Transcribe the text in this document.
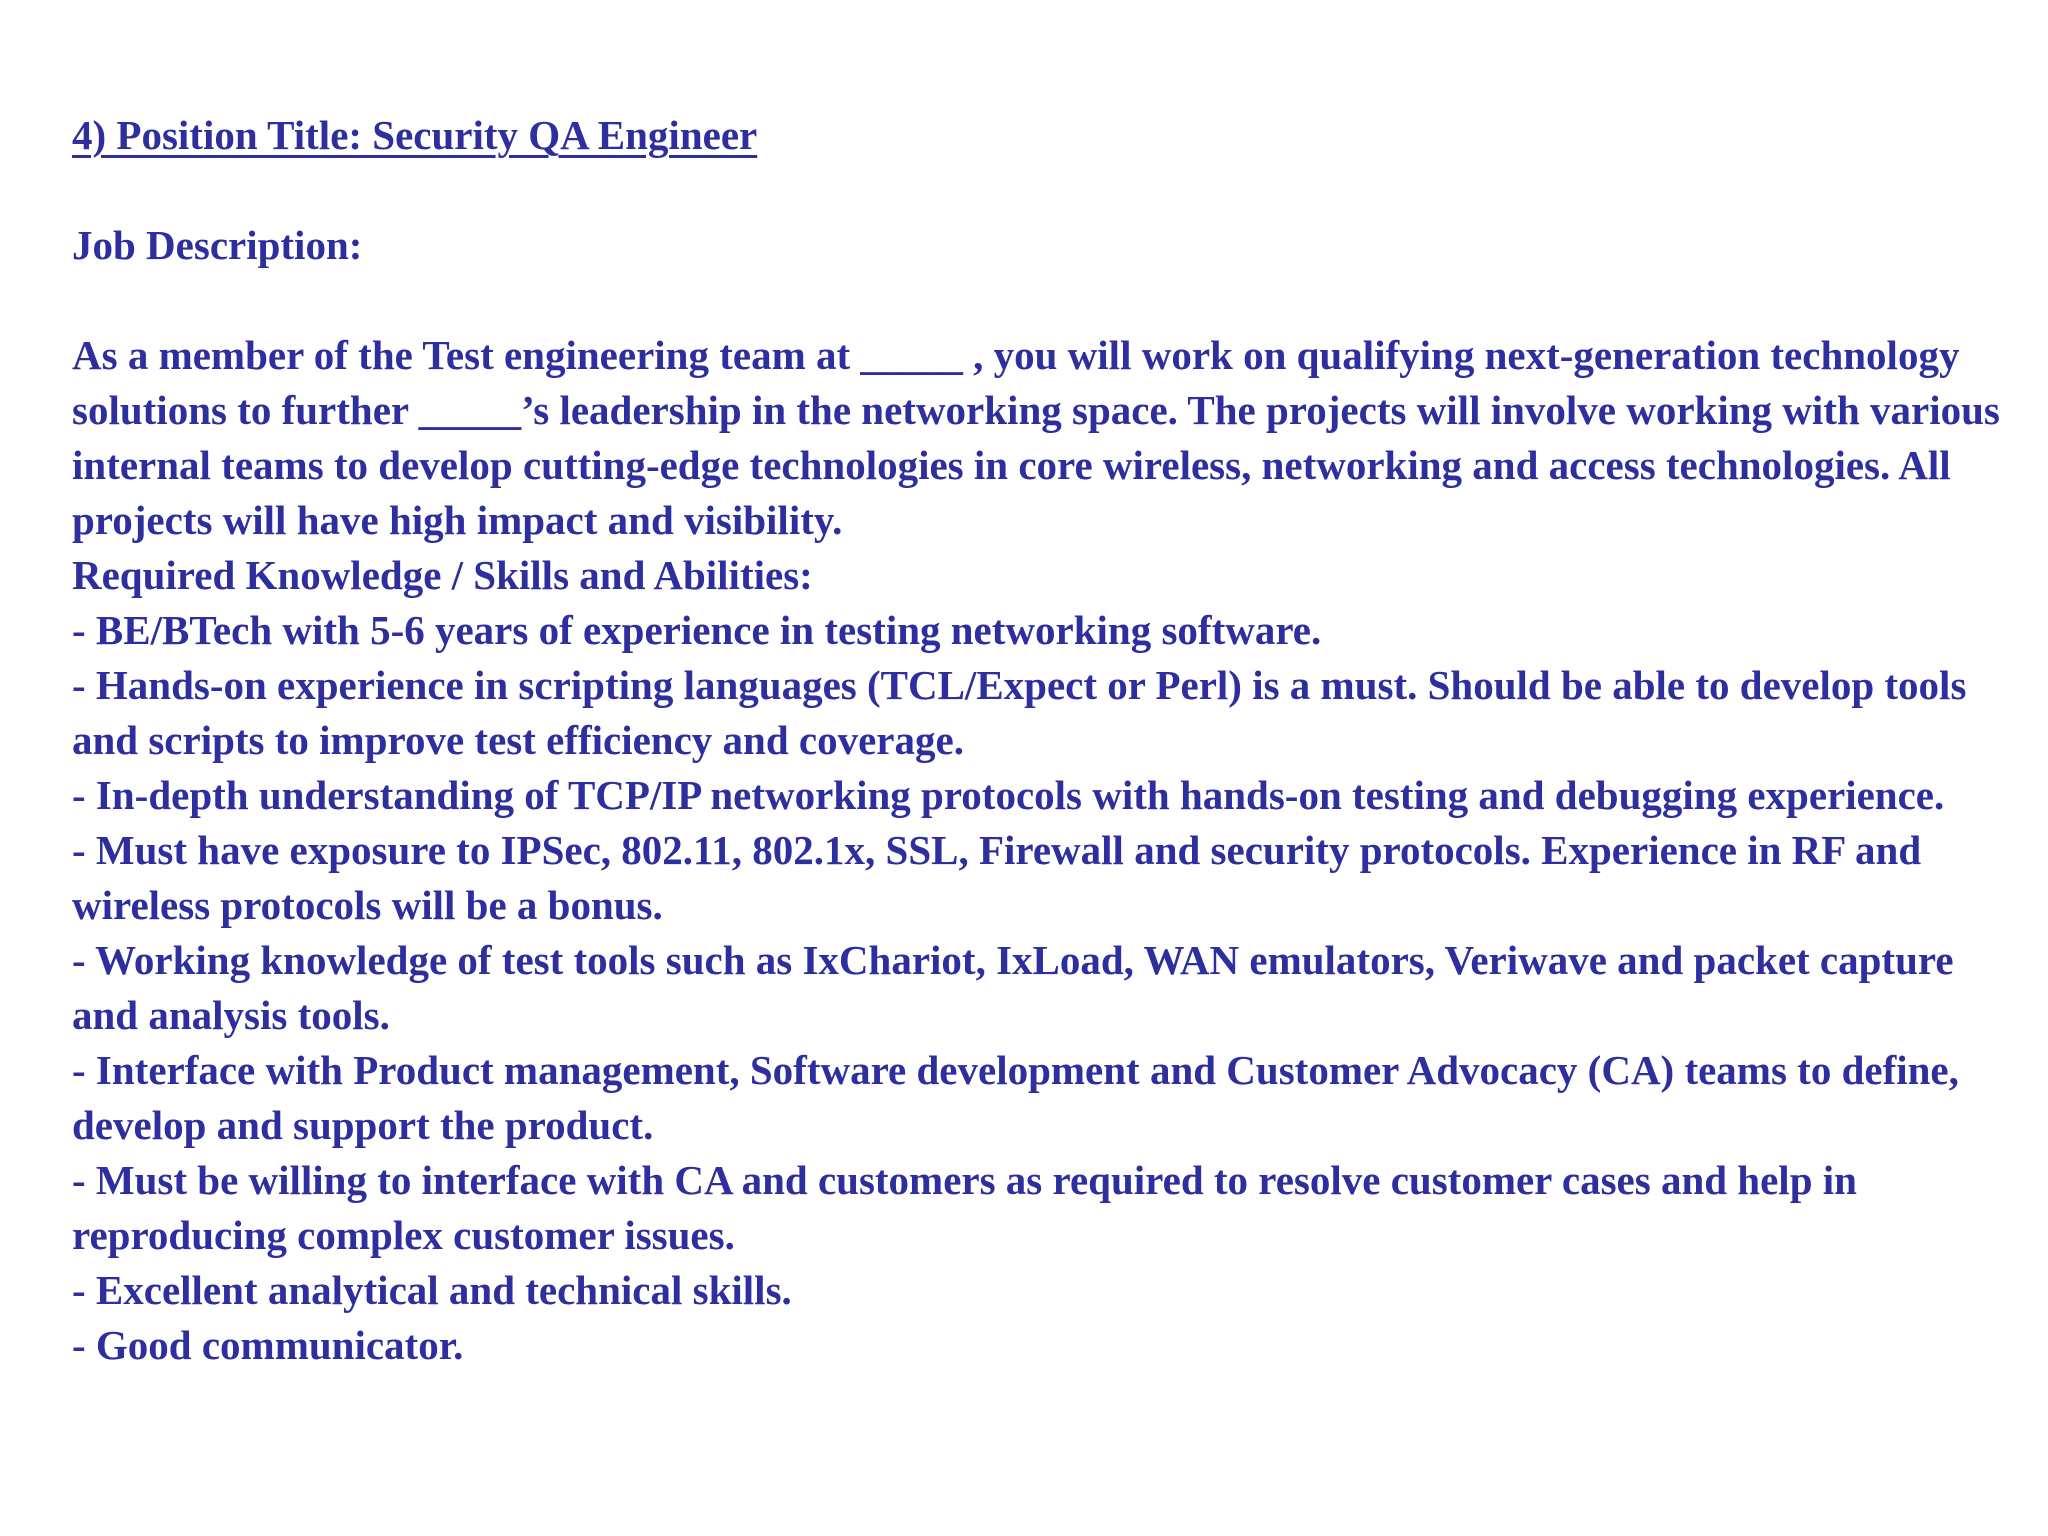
4) Position Title: Security QA Engineer
Job Description:

As a member of the Test engineering team at _____ , you will work on qualifying next-generation technology solutions to further _____’s leadership in the networking space. The projects will involve working with various internal teams to develop cutting-edge technologies in core wireless, networking and access technologies. All projects will have high impact and visibility.

Required Knowledge / Skills and Abilities:

- BE/BTech with 5-6 years of experience in testing networking software.
- Hands-on experience in scripting languages (TCL/Expect or Perl) is a must. Should be able to develop tools and scripts to improve test efficiency and coverage.
- In-depth understanding of TCP/IP networking protocols with hands-on testing and debugging experience.
- Must have exposure to IPSec, 802.11, 802.1x, SSL, Firewall and security protocols. Experience in RF and wireless protocols will be a bonus.
- Working knowledge of test tools such as IxChariot, IxLoad, WAN emulators, Veriwave and packet capture and analysis tools.
- Interface with Product management, Software development and Customer Advocacy (CA) teams to define, develop and support the product.
- Must be willing to interface with CA and customers as required to resolve customer cases and help in reproducing complex customer issues.
- Excellent analytical and technical skills.
- Good communicator.
